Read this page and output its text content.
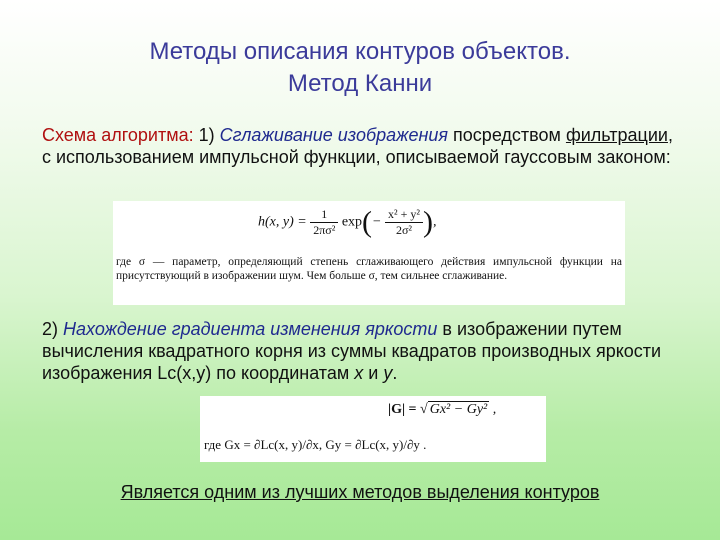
Методы описания контуров объектов.
Метод Канни
Схема алгоритма: 1) Сглаживание изображения посредством фильтрации, с использованием импульсной функции, описываемой гауссовым законом:
h(x, $y) = \frac{1}{\text{2πσ²}} \exp(- \frac{\text{x² + y²}}{\text{2σ²}}$ ),
где σ — параметр, определяющий степень сглаживающего действия импульсной функции на присутствующий в изображении шум. Чем больше σ, тем сильнее сглаживание.
2) Нахождение градиента изменения яркости в изображении путем вычисления квадратного корня из суммы квадратов производных яркости изображения Lc(x,y) по координатам x и y.
|G| = √ Gx² − Gy² ,
где Gx = ∂Lc(x, y)/∂x, Gy = ∂Lc(x, y)/∂y .
Является одним из лучших методов выделения контуров
